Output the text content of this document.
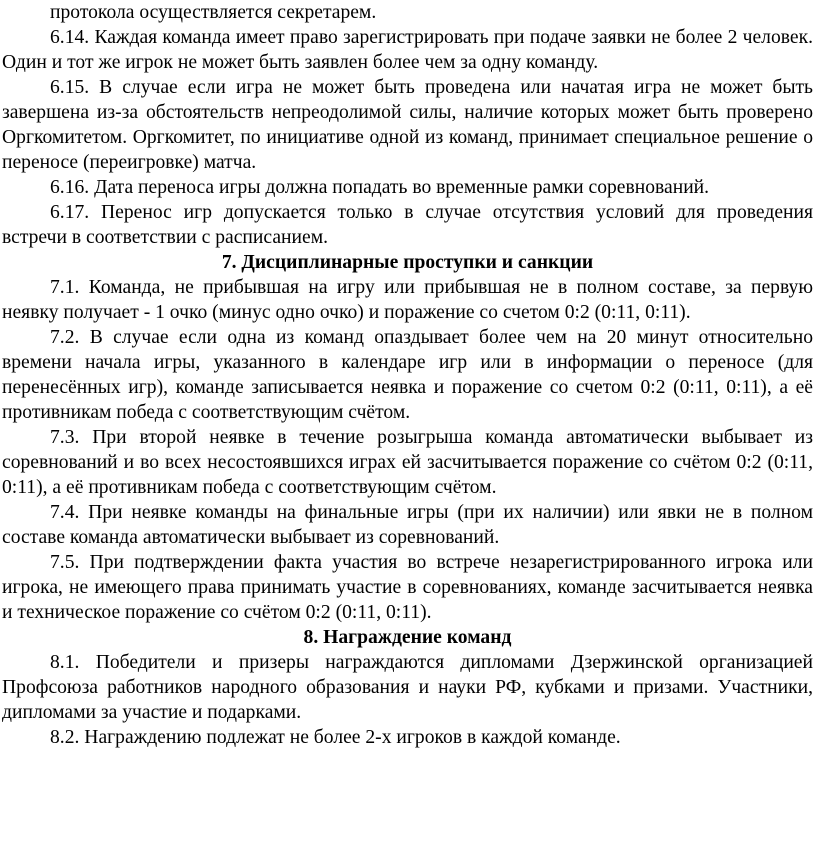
протокола осуществляется секретарем.

6.14. Каждая команда имеет право зарегистрировать при подаче заявки не более 2 человек. Один и тот же игрок не может быть заявлен более чем за одну команду.

6.15. В случае если игра не может быть проведена или начатая игра не может быть завершена из-за обстоятельств непреодолимой силы, наличие которых может быть проверено Оргкомитетом. Оргкомитет, по инициативе одной из команд, принимает специальное решение о переносе (переигровке) матча.

6.16. Дата переноса игры должна попадать во временные рамки соревнований.

6.17. Перенос игр допускается только в случае отсутствия условий для проведения встречи в соответствии с расписанием.

7. Дисциплинарные проступки и санкции

7.1. Команда, не прибывшая на игру или прибывшая не в полном составе, за первую неявку получает - 1 очко (минус одно очко) и поражение со счетом 0:2 (0:11, 0:11).

7.2. В случае если одна из команд опаздывает более чем на 20 минут относительно времени начала игры, указанного в календаре игр или в информации о переносе (для перенесённых игр), команде записывается неявка и поражение со счетом 0:2 (0:11, 0:11), а её противникам победа с соответствующим счётом.

7.3. При второй неявке в течение розыгрыша команда автоматически выбывает из соревнований и во всех несостоявшихся играх ей засчитывается поражение со счётом 0:2 (0:11, 0:11), а её противникам победа с соответствующим счётом.

7.4. При неявке команды на финальные игры (при их наличии) или явки не в полном составе команда автоматически выбывает из соревнований.

7.5. При подтверждении факта участия во встрече незарегистрированного игрока или игрока, не имеющего права принимать участие в соревнованиях, команде засчитывается неявка и техническое поражение со счётом 0:2 (0:11, 0:11).

8. Награждение команд

8.1. Победители и призеры награждаются дипломами Дзержинской организацией Профсоюза работников народного образования и науки РФ, кубками и призами. Участники, дипломами за участие и подарками.

8.2. Награждению подлежат не более 2-х игроков в каждой команде.
